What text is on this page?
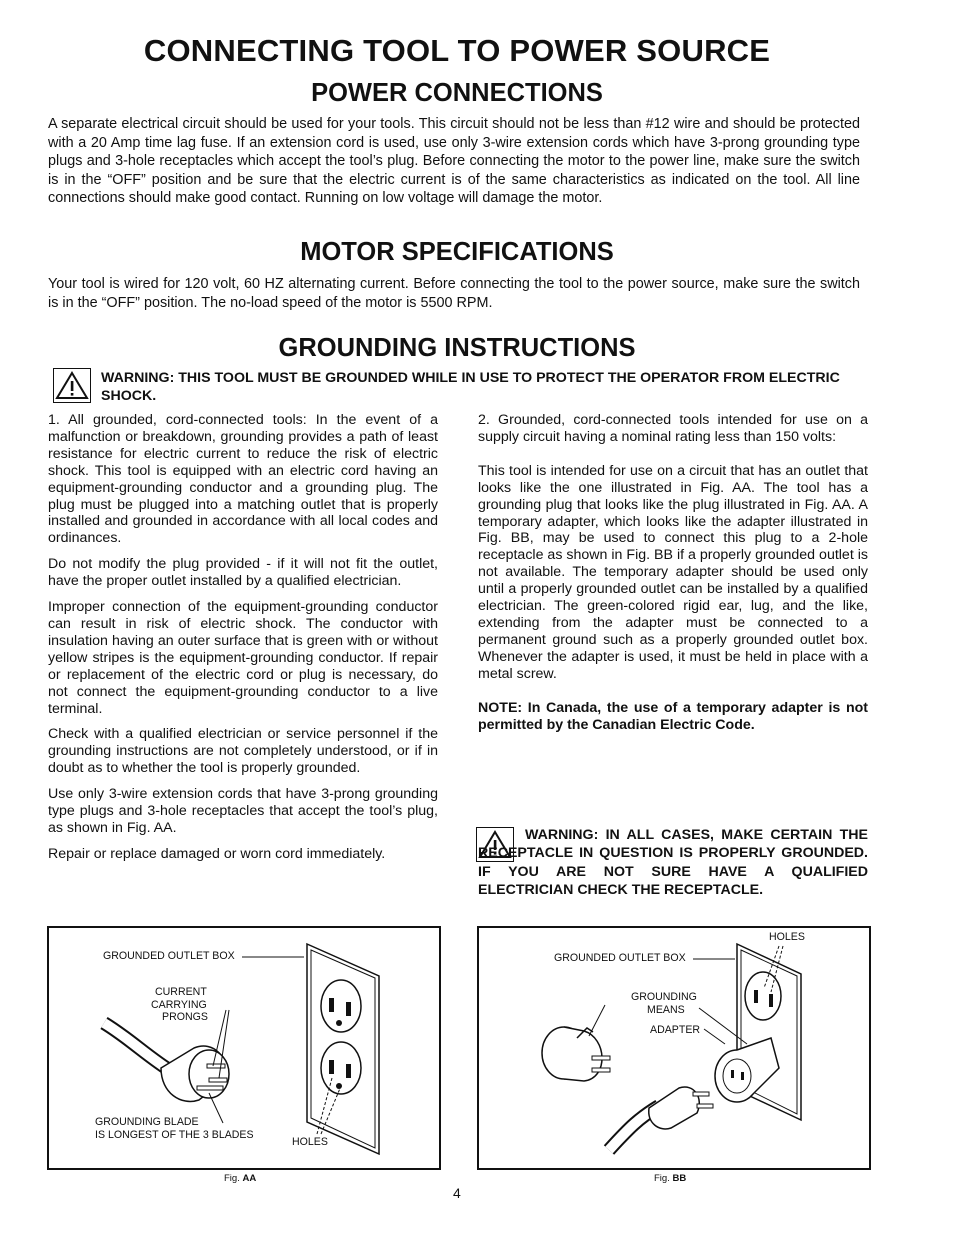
CONNECTING TOOL TO POWER SOURCE
POWER CONNECTIONS

A separate electrical circuit should be used for your tools. This circuit should not be less than #12 wire and should be protected with a 20 Amp time lag fuse. If an extension cord is used, use only 3-wire extension cords which have 3-prong grounding type plugs and 3-hole receptacles which accept the tool’s plug. Before connecting the motor to the power line, make sure the switch is in the “OFF” position and be sure that the electric current is of the same characteristics as indicated on the tool. All line connections should make good contact. Running on low voltage will damage the motor.

MOTOR SPECIFICATIONS

Your tool is wired for 120 volt, 60 HZ alternating current. Before connecting the tool to the power source, make sure the switch is in the “OFF” position. The no-load speed of the motor is 5500 RPM.

GROUNDING INSTRUCTIONS
WARNING: THIS TOOL MUST BE GROUNDED WHILE IN USE TO PROTECT THE OPERATOR FROM ELECTRIC SHOCK.

1. All grounded, cord-connected tools: In the event of a malfunction or breakdown, grounding provides a path of least resistance for electric current to reduce the risk of electric shock. This tool is equipped with an electric cord having an equipment-grounding conductor and a grounding plug. The plug must be plugged into a matching outlet that is properly installed and grounded in accordance with all local codes and ordinances.

Do not modify the plug provided - if it will not fit the outlet, have the proper outlet installed by a qualified electrician.

Improper connection of the equipment-grounding conductor can result in risk of electric shock. The conductor with insulation having an outer surface that is green with or without yellow stripes is the equipment-grounding conductor. If repair or replacement of the electric cord or plug is necessary, do not connect the equipment-grounding conductor to a live terminal.

Check with a qualified electrician or service personnel if the grounding instructions are not completely understood, or if in doubt as to whether the tool is properly grounded.

Use only 3-wire extension cords that have 3-prong grounding type plugs and 3-hole receptacles that accept the tool’s plug, as shown in Fig. AA.

Repair or replace damaged or worn cord immediately.

2. Grounded, cord-connected tools intended for use on a supply circuit having a nominal rating less than 150 volts:

This tool is intended for use on a circuit that has an outlet that looks like the one illustrated in Fig. AA. The tool has a grounding plug that looks like the plug illustrated in Fig. AA. A temporary adapter, which looks like the adapter illustrated in Fig. BB, may be used to connect this plug to a 2-hole receptacle as shown in Fig. BB if a properly grounded outlet is not available. The temporary adapter should be used only until a properly grounded outlet can be installed by a qualified electrician. The green-colored rigid ear, lug, and the like, extending from the adapter must be connected to a permanent ground such as a properly grounded outlet box. Whenever the adapter is used, it must be held in place with a metal screw.

NOTE: In Canada, the use of a temporary adapter is not permitted by the Canadian Electric Code.

WARNING: IN ALL CASES, MAKE CERTAIN THE RECEPTACLE IN QUESTION IS PROPERLY GROUNDED. IF YOU ARE NOT SURE HAVE A QUALIFIED ELECTRICIAN CHECK THE RECEPTACLE.
GROUNDED OUTLET BOX
CURRENT
CARRYING
PRONGS
GROUNDING BLADE
IS LONGEST OF THE 3 BLADES
HOLES
Fig. AA
HOLES
GROUNDED OUTLET BOX
GROUNDING
MEANS
ADAPTER
Fig. BB
4
